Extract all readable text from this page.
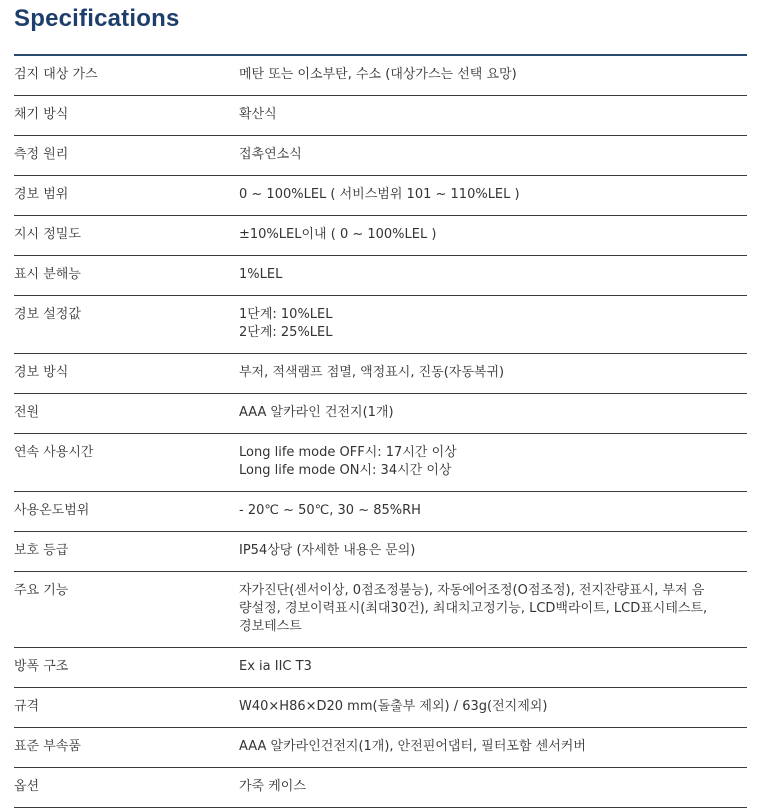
Specifications
검지 대상 가스	메탄 또는 이소부탄, 수소 (대상가스는 선택 요망)

채기 방식	확산식

측정 원리	접촉연소식

경보 범위	0 ~ 100%LEL ( 서비스범위 101 ~ 110%LEL )

지시 정밀도	±10%LEL이내 ( 0 ~ 100%LEL )

표시 분해능	1%LEL

경보 설정값	1단계: 10%LEL
2단계: 25%LEL

경보 방식	부저, 적색램프 점멸, 액정표시, 진동(자동복귀)

전원	AAA 알카라인 건전지(1개)

연속 사용시간	Long life mode OFF시: 17시간 이상
Long life mode ON시: 34시간 이상

사용온도범위	- 20℃ ~ 50℃, 30 ~ 85%RH

보호 등급	IP54상당 (자세한 내용은 문의)

주요 기능	자가진단(센서이상, 0점조정불능), 자동에어조정(O점조정), 전지잔량표시, 부저 음
량설정, 경보이력표시(최대30건), 최대치고정기능, LCD백라이트, LCD표시테스트,
경보테스트

방폭 구조	Ex ia IIC T3

규격	W40×H86×D20 mm(돌출부 제외) / 63g(전지제외)

표준 부속품	AAA 알카라인건전지(1개), 안전핀어댑터, 필터포함 센서커버

옵션	가죽 케이스
